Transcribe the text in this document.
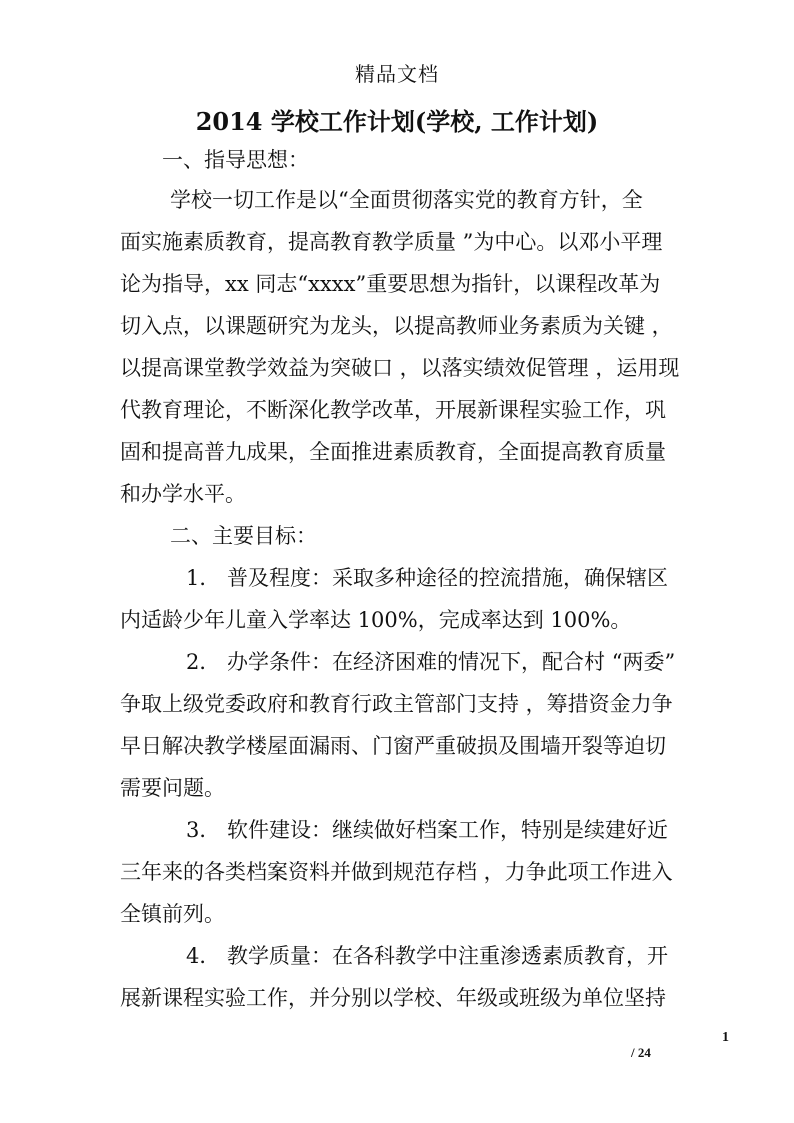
精品文档
2014 学校工作计划(学校, 工作计划)
一、指导思想：
学校一切工作是以“全面贯彻落实党的教育方针，全
面实施素质教育，提高教育教学质量 ”为中心。以邓小平理
论为指导，xx 同志“xxxx”重要思想为指针，以课程改革为
切入点，以课题研究为龙头，以提高教师业务素质为关键 ，
以提高课堂教学效益为突破口 ，以落实绩效促管理 ，运用现
代教育理论，不断深化教学改革，开展新课程实验工作，巩
固和提高普九成果，全面推进素质教育，全面提高教育质量
和办学水平。
二、主要目标：
1． 普及程度：采取多种途径的控流措施，确保辖区
内适龄少年儿童入学率达 100%，完成率达到 100%。
2． 办学条件：在经济困难的情况下，配合村 “两委”
争取上级党委政府和教育行政主管部门支持 ，筹措资金力争
早日解决教学楼屋面漏雨、门窗严重破损及围墙开裂等迫切
需要问题。
3． 软件建设：继续做好档案工作，特别是续建好近
三年来的各类档案资料并做到规范存档 ，力争此项工作进入
全镇前列。
4． 教学质量：在各科教学中注重渗透素质教育，开
展新课程实验工作，并分别以学校、年级或班级为单位坚持
1
/ 24
